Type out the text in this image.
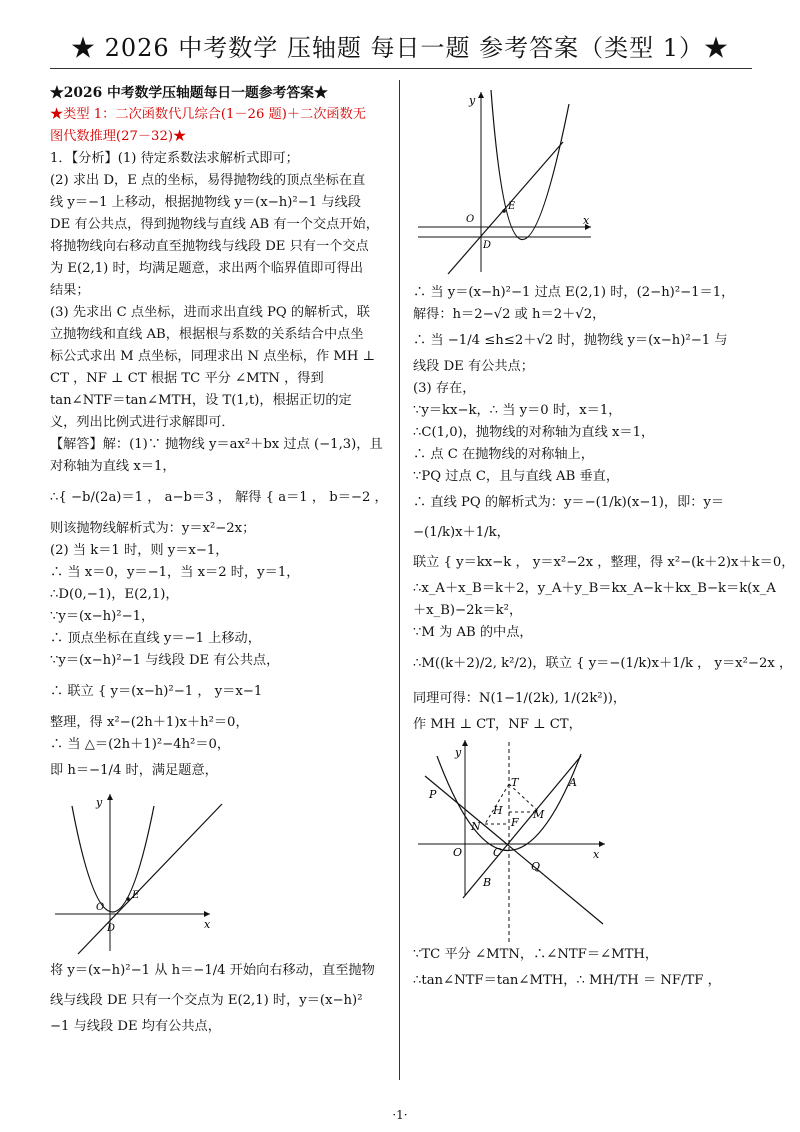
★ 2026 中考数学 压轴题 每日一题 参考答案（类型 1）★
★2026 中考数学压轴题每日一题参考答案★
★类型 1：二次函数代几综合(1－26 题)＋二次函数无
图代数推理(27－32)★
1．【分析】(1) 待定系数法求解析式即可；
(2) 求出 D，E 点的坐标，易得抛物线的顶点坐标在直
线 y＝−1 上移动，根据抛物线 y＝(x−h)²−1 与线段
DE 有公共点，得到抛物线与直线 AB 有一个交点开始，
将抛物线向右移动直至抛物线与线段 DE 只有一个交点
为 E(2,1) 时，均满足题意，求出两个临界值即可得出
结果；
(3) 先求出 C 点坐标，进而求出直线 PQ 的解析式，联
立抛物线和直线 AB，根据根与系数的关系结合中点坐
标公式求出 M 点坐标，同理求出 N 点坐标，作 MH ⊥
CT ，NF ⊥ CT 根据 TC 平分 ∠MTN ，得到
tan∠NTF＝tan∠MTH，设 T(1,t)，根据正切的定
义，列出比例式进行求解即可．
【解答】解：(1)∵ 抛物线 y＝ax²＋bx 过点 (−1,3)，且
对称轴为直线 x＝1，
∴{ −b/(2a)＝1 ， a−b＝3 ， 解得 { a＝1 ， b＝−2 ，
则该抛物线解析式为：y＝x²−2x；
(2) 当 k＝1 时，则 y＝x−1，
∴ 当 x＝0，y＝−1，当 x＝2 时，y＝1，
∴D(0,−1)，E(2,1)，
∵y＝(x−h)²−1，
∴ 顶点坐标在直线 y＝−1 上移动，
∵y＝(x−h)²−1 与线段 DE 有公共点，
∴ 联立 { y＝(x−h)²−1 ， y＝x−1
整理，得 x²−(2h＋1)x＋h²＝0，
∴ 当 △＝(2h＋1)²−4h²＝0，
即 h＝−1/4 时，满足题意，
y
x
O
E
D
将 y＝(x−h)²−1 从 h＝−1/4 开始向右移动，直至抛物
线与线段 DE 只有一个交点为 E(2,1) 时，y＝(x−h)²
−1 与线段 DE 均有公共点，
y
x
O
E
D
∴ 当 y＝(x−h)²−1 过点 E(2,1) 时，(2−h)²−1＝1，
解得：h＝2−√2 或 h＝2＋√2，
∴ 当 −1/4 ≤h≤2＋√2 时，抛物线 y＝(x−h)²−1 与
线段 DE 有公共点；
(3) 存在，
∵y＝kx−k，∴ 当 y＝0 时，x＝1，
∴C(1,0)，抛物线的对称轴为直线 x＝1，
∴ 点 C 在抛物线的对称轴上，
∵PQ 过点 C，且与直线 AB 垂直，
∴ 直线 PQ 的解析式为：y＝−(1/k)(x−1)，即：y＝
−(1/k)x＋1/k，
联立 { y＝kx−k ， y＝x²−2x ，整理，得 x²−(k＋2)x＋k＝0，
∴x_A＋x_B＝k＋2，y_A＋y_B＝kx_A−k＋kx_B−k＝k(x_A
＋x_B)−2k＝k²，
∵M 为 AB 的中点，
∴M((k＋2)/2, k²/2)，联立 { y＝−(1/k)x＋1/k ， y＝x²−2x ，
同理可得：N(1−1/(2k), 1/(2k²))，
作 MH ⊥ CT，NF ⊥ CT，
y
x
O
P
A
T
H	M
N	F
C
B
Q
∵TC 平分 ∠MTN，∴∠NTF＝∠MTH，
∴tan∠NTF＝tan∠MTH，∴ MH/TH ＝ NF/TF ，
·1·
